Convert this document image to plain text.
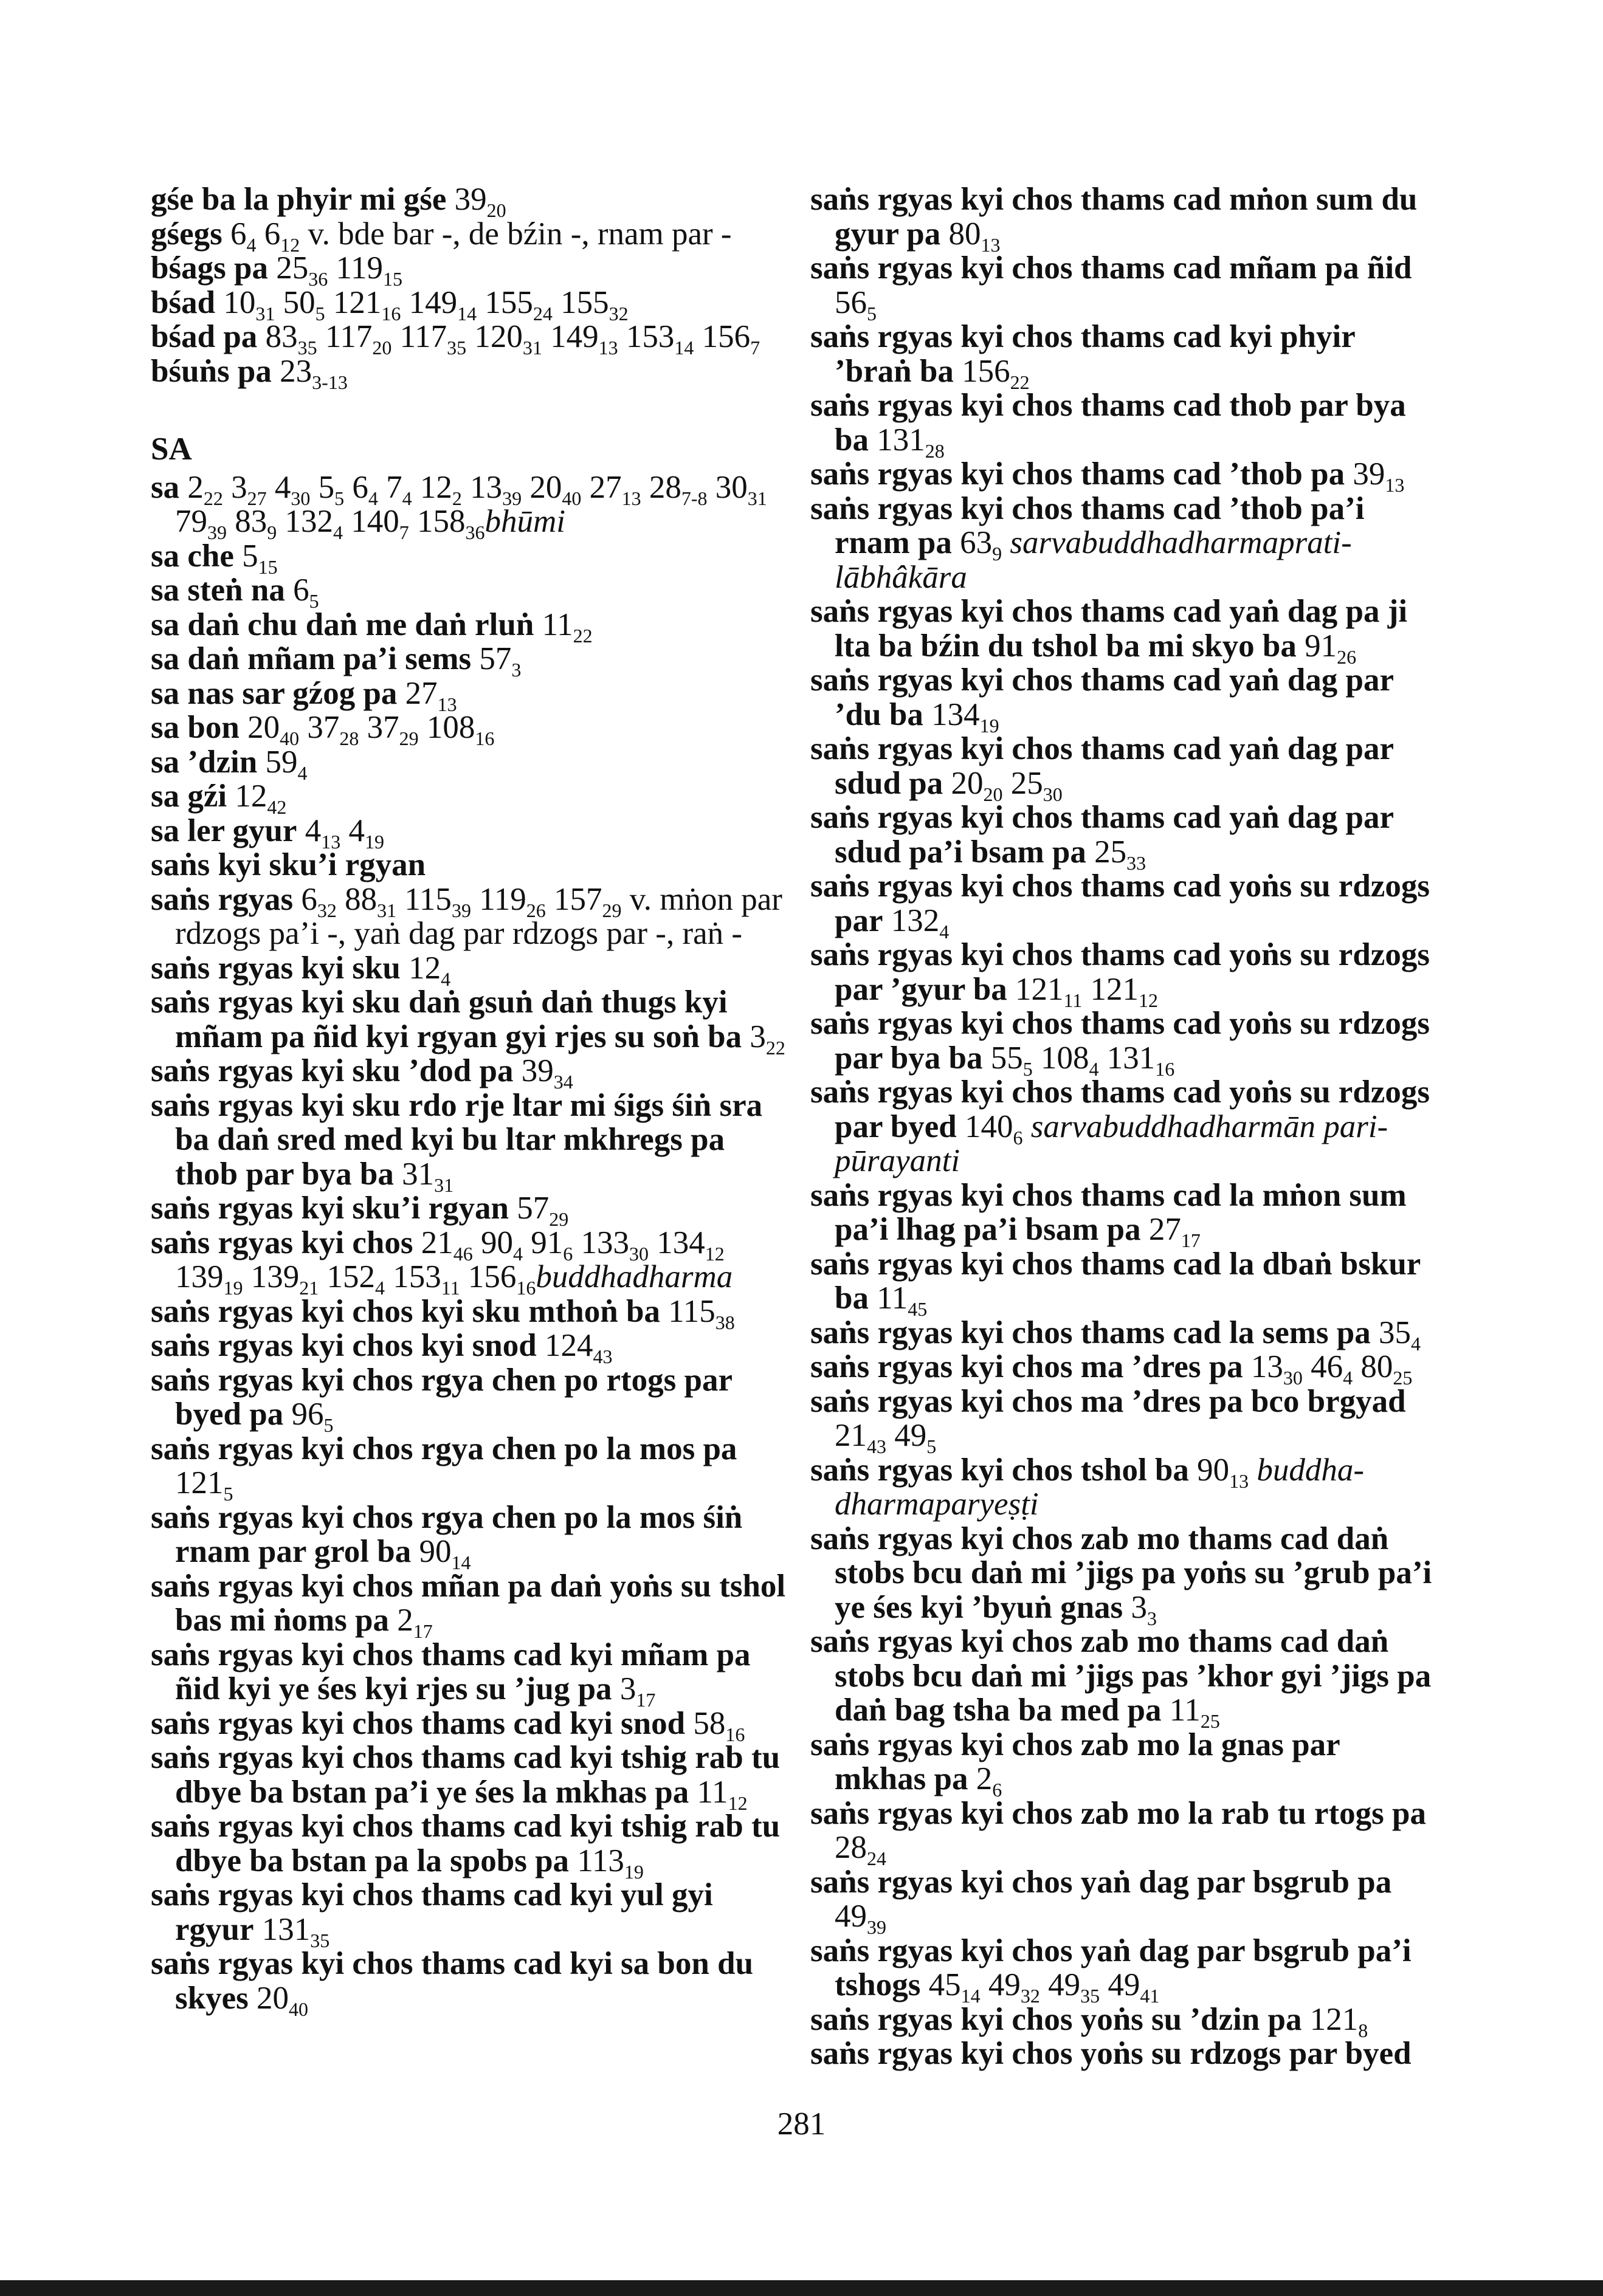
gśe ba la phyir mi gśe $39_{20}$
gśegs $6_4$ $6_{12}$ v. bde bar -, de bźin -, rnam par -
bśags pa $25_{36}$ $119_{15}$
bśad $10_{31}$ $50_5$ $121_{16}$ $149_{14}$ $155_{24}$ $155_{32}$
bśad pa $83_{35}$ $117_{20}$ $117_{35}$ $120_{31}$ $149_{13}$ $153_{14}$ $156_7$
bśuṅs pa $23_{3-13}$
SA
sa $2_{22}$ $3_{27}$ $4_{30}$ $5_5$ $6_4$ $7_4$ $12_2$ $13_{39}$ $20_{40}$ $27_{13}$ $28_{7-8}$ $30_{31}$ $79_{39}$ $83_9$ $132_4$ $140_7$ $158_{36}bhūmi$
sa che $5_{15}$
sa steṅ na $6_5$
sa daṅ chu daṅ me daṅ rluṅ $11_{22}$
sa daṅ mñam pa’i sems $57_3$
sa nas sar gźog pa $27_{13}$
sa bon $20_{40}$ $37_{28}$ $37_{29}$ $108_{16}$
sa ’dzin $59_4$
sa gźi $12_{42}$
sa ler gyur $4_{13}$ $4_{19}$
saṅs kyi sku’i rgyan
saṅs rgyas $6_{32}$ $88_{31}$ $115_{39}$ $119_{26}$ $157_{29}$ v. mṅon par rdzogs pa’i -, yaṅ dag par rdzogs par -, raṅ -
saṅs rgyas kyi sku $12_4$
saṅs rgyas kyi sku daṅ gsuṅ daṅ thugs kyi mñam pa ñid kyi rgyan gyi rjes su soṅ ba $3_{22}$
saṅs rgyas kyi sku ’dod pa $39_{34}$
saṅs rgyas kyi sku rdo rje ltar mi śigs śiṅ sra ba daṅ sred med kyi bu ltar mkhregs pa thob par bya ba $31_{31}$
saṅs rgyas kyi sku’i rgyan $57_{29}$
saṅs rgyas kyi chos $21_{46}$ $90_4$ $91_6$ $133_{30}$ $134_{12}$ $139_{19}$ $139_{21}$ $152_4$ $153_{11}$ $156_{16}buddhadharma$
saṅs rgyas kyi chos kyi sku mthoṅ ba $115_{38}$
saṅs rgyas kyi chos kyi snod $124_{43}$
saṅs rgyas kyi chos rgya chen po rtogs par byed pa $96_5$
saṅs rgyas kyi chos rgya chen po la mos pa $121_5$
saṅs rgyas kyi chos rgya chen po la mos śiṅ rnam par grol ba $90_{14}$
saṅs rgyas kyi chos mñan pa daṅ yoṅs su tshol bas mi ṅoms pa $2_{17}$
saṅs rgyas kyi chos thams cad kyi mñam pa ñid kyi ye śes kyi rjes su ’jug pa $3_{17}$
saṅs rgyas kyi chos thams cad kyi snod $58_{16}$
saṅs rgyas kyi chos thams cad kyi tshig rab tu dbye ba bstan pa’i ye śes la mkhas pa $11_{12}$
saṅs rgyas kyi chos thams cad kyi tshig rab tu dbye ba bstan pa la spobs pa $113_{19}$
saṅs rgyas kyi chos thams cad kyi yul gyi rgyur $131_{35}$
saṅs rgyas kyi chos thams cad kyi sa bon du skyes $20_{40}$
saṅs rgyas kyi chos thams cad mṅon sum du gyur pa $80_{13}$
saṅs rgyas kyi chos thams cad mñam pa ñid $56_5$
saṅs rgyas kyi chos thams cad kyi phyir ’braṅ ba $156_{22}$
saṅs rgyas kyi chos thams cad thob par bya ba $131_{28}$
saṅs rgyas kyi chos thams cad ’thob pa $39_{13}$
saṅs rgyas kyi chos thams cad ’thob pa’i rnam pa $63_9$ sarvabuddhadharmaprati-lābhâkāra
saṅs rgyas kyi chos thams cad yaṅ dag pa ji lta ba bźin du tshol ba mi skyo ba $91_{26}$
saṅs rgyas kyi chos thams cad yaṅ dag par ’du ba $134_{19}$
saṅs rgyas kyi chos thams cad yaṅ dag par sdud pa $20_{20}$ $25_{30}$
saṅs rgyas kyi chos thams cad yaṅ dag par sdud pa’i bsam pa $25_{33}$
saṅs rgyas kyi chos thams cad yoṅs su rdzogs par $132_4$
saṅs rgyas kyi chos thams cad yoṅs su rdzogs par ’gyur ba $121_{11}$ $121_{12}$
saṅs rgyas kyi chos thams cad yoṅs su rdzogs par bya ba $55_5$ $108_4$ $131_{16}$
saṅs rgyas kyi chos thams cad yoṅs su rdzogs par byed $140_6$ sarvabuddhadharmān pari-pūrayanti
saṅs rgyas kyi chos thams cad la mṅon sum pa’i lhag pa’i bsam pa $27_{17}$
saṅs rgyas kyi chos thams cad la dbaṅ bskur ba $11_{45}$
saṅs rgyas kyi chos thams cad la sems pa $35_4$
saṅs rgyas kyi chos ma ’dres pa $13_{30}$ $46_4$ $80_{25}$
saṅs rgyas kyi chos ma ’dres pa bco brgyad $21_{43}$ $49_5$
saṅs rgyas kyi chos tshol ba $90_{13}$ buddha-dharmaparyeṣṭi
saṅs rgyas kyi chos zab mo thams cad daṅ stobs bcu daṅ mi ’jigs pa yoṅs su ’grub pa’i ye śes kyi ’byuṅ gnas $3_3$
saṅs rgyas kyi chos zab mo thams cad daṅ stobs bcu daṅ mi ’jigs pas ’khor gyi ’jigs pa daṅ bag tsha ba med pa $11_{25}$
saṅs rgyas kyi chos zab mo la gnas par mkhas pa $2_6$
saṅs rgyas kyi chos zab mo la rab tu rtogs pa $28_{24}$
saṅs rgyas kyi chos yaṅ dag par bsgrub pa $49_{39}$
saṅs rgyas kyi chos yaṅ dag par bsgrub pa’i tshogs $45_{14}$ $49_{32}$ $49_{35}$ $49_{41}$
saṅs rgyas kyi chos yoṅs su ’dzin pa $121_8$
saṅs rgyas kyi chos yoṅs su rdzogs par byed
281
